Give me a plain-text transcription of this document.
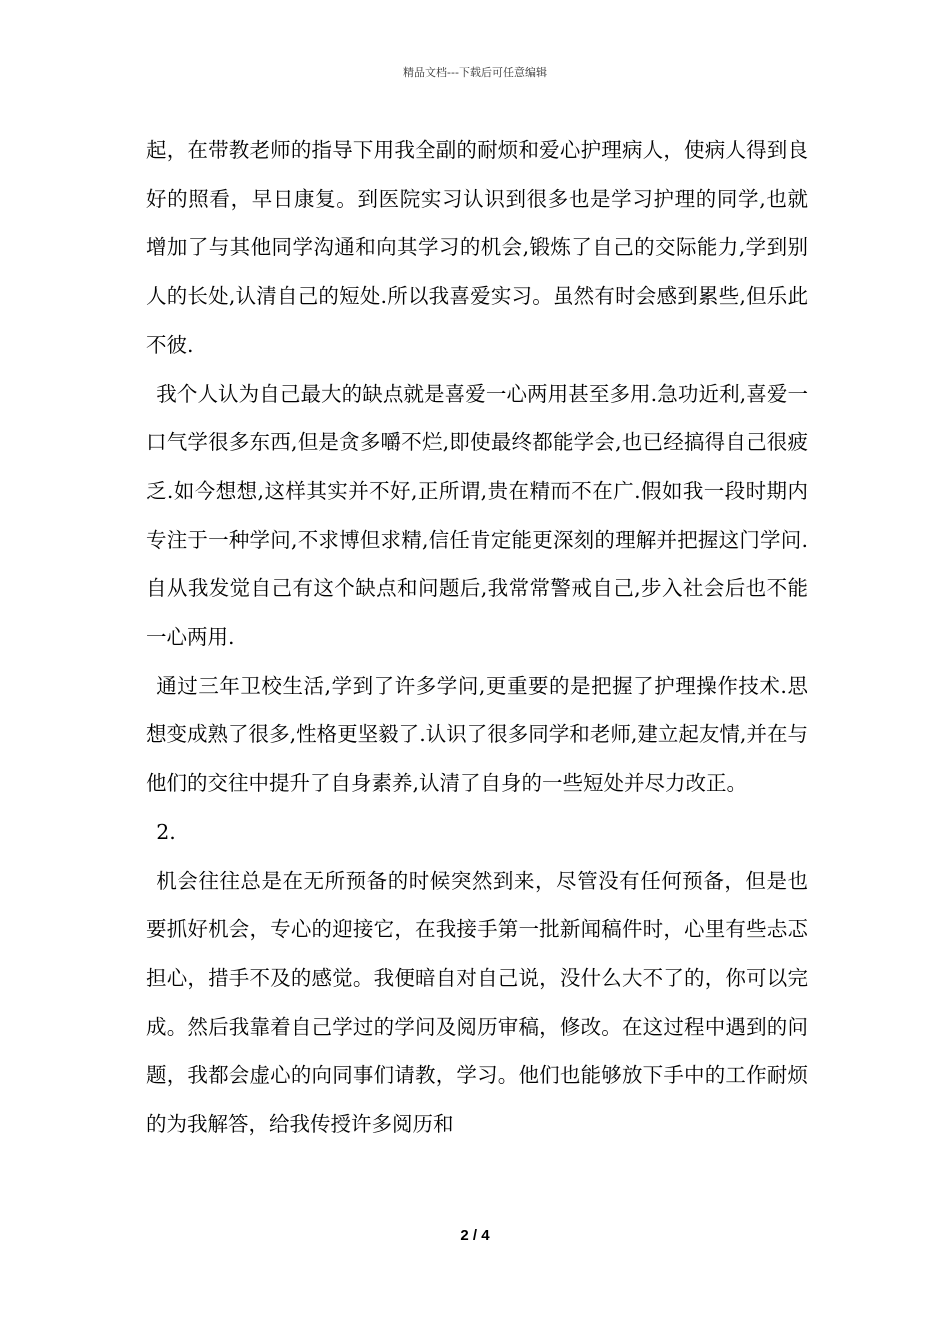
精品文档---下载后可任意编辑

起，在带教老师的指导下用我全副的耐烦和爱心护理病人，使病人得到良好的照看，早日康复。到医院实习认识到很多也是学习护理的同学,也就增加了与其他同学沟通和向其学习的机会,锻炼了自己的交际能力,学到别人的长处,认清自己的短处.所以我喜爱实习。虽然有时会感到累些,但乐此不彼.

我个人认为自己最大的缺点就是喜爱一心两用甚至多用.急功近利,喜爱一口气学很多东西,但是贪多嚼不烂,即使最终都能学会,也已经搞得自己很疲乏.如今想想,这样其实并不好,正所谓,贵在精而不在广.假如我一段时期内专注于一种学问,不求博但求精,信任肯定能更深刻的理解并把握这门学问.自从我发觉自己有这个缺点和问题后,我常常警戒自己,步入社会后也不能一心两用.

通过三年卫校生活,学到了许多学问,更重要的是把握了护理操作技术.思想变成熟了很多,性格更坚毅了.认识了很多同学和老师,建立起友情,并在与他们的交往中提升了自身素养,认清了自身的一些短处并尽力改正。

2.

机会往往总是在无所预备的时候突然到来，尽管没有任何预备，但是也要抓好机会，专心的迎接它，在我接手第一批新闻稿件时，心里有些忐忑担心，措手不及的感觉。我便暗自对自己说，没什么大不了的，你可以完成。然后我靠着自己学过的学问及阅历审稿，修改。在这过程中遇到的问题，我都会虚心的向同事们请教，学习。他们也能够放下手中的工作耐烦的为我解答，给我传授许多阅历和

2 / 4
